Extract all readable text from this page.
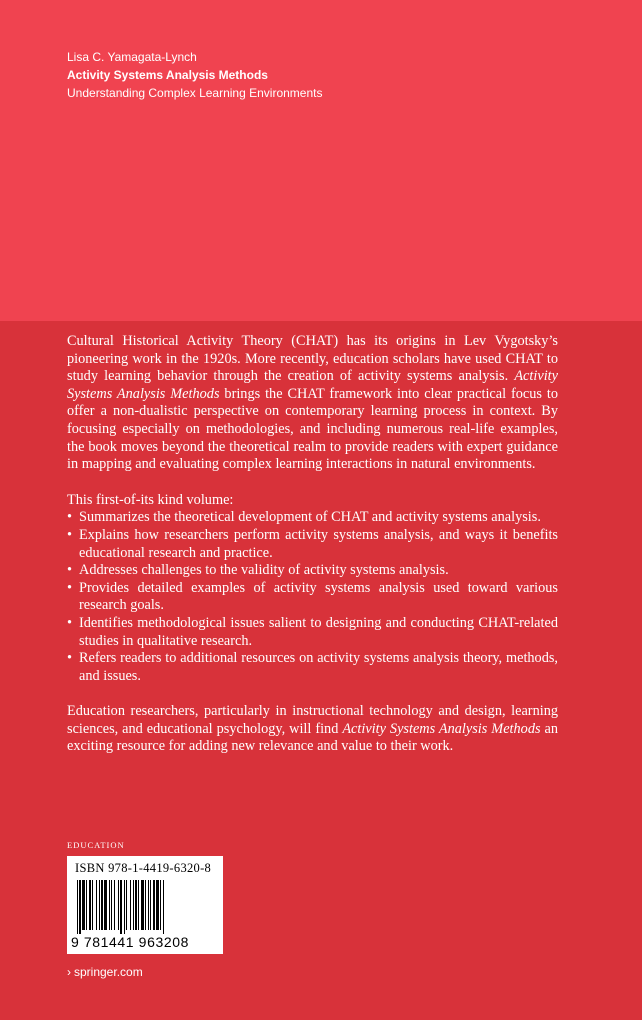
Lisa C. Yamagata-Lynch
Activity Systems Analysis Methods
Understanding Complex Learning Environments

Cultural Historical Activity Theory (CHAT) has its origins in Lev Vygotsky’s pioneering work in the 1920s. More recently, education scholars have used CHAT to study learning behavior through the creation of activity systems analysis. Activity Systems Analysis Methods brings the CHAT framework into clear practical focus to offer a non-dualistic perspective on contemporary learning process in context. By focusing especially on methodologies, and including numerous real-life examples, the book moves beyond the theoretical realm to provide readers with expert guidance in mapping and evaluating complex learning interactions in natural environments.

This first-of-its kind volume:

• Summarizes the theoretical development of CHAT and activity systems analysis.
• Explains how researchers perform activity systems analysis, and ways it benefits educational research and practice.
• Addresses challenges to the validity of activity systems analysis.
• Provides detailed examples of activity systems analysis used toward various research goals.
• Identifies methodological issues salient to designing and conducting CHAT-related studies in qualitative research.
• Refers readers to additional resources on activity systems analysis theory, methods, and issues.

Education researchers, particularly in instructional technology and design, learning sciences, and educational psychology, will find Activity Systems Analysis Methods an exciting resource for adding new relevance and value to their work.

EDUCATION
ISBN 978-1-4419-6320-8
9 781441 963208
› springer.com
